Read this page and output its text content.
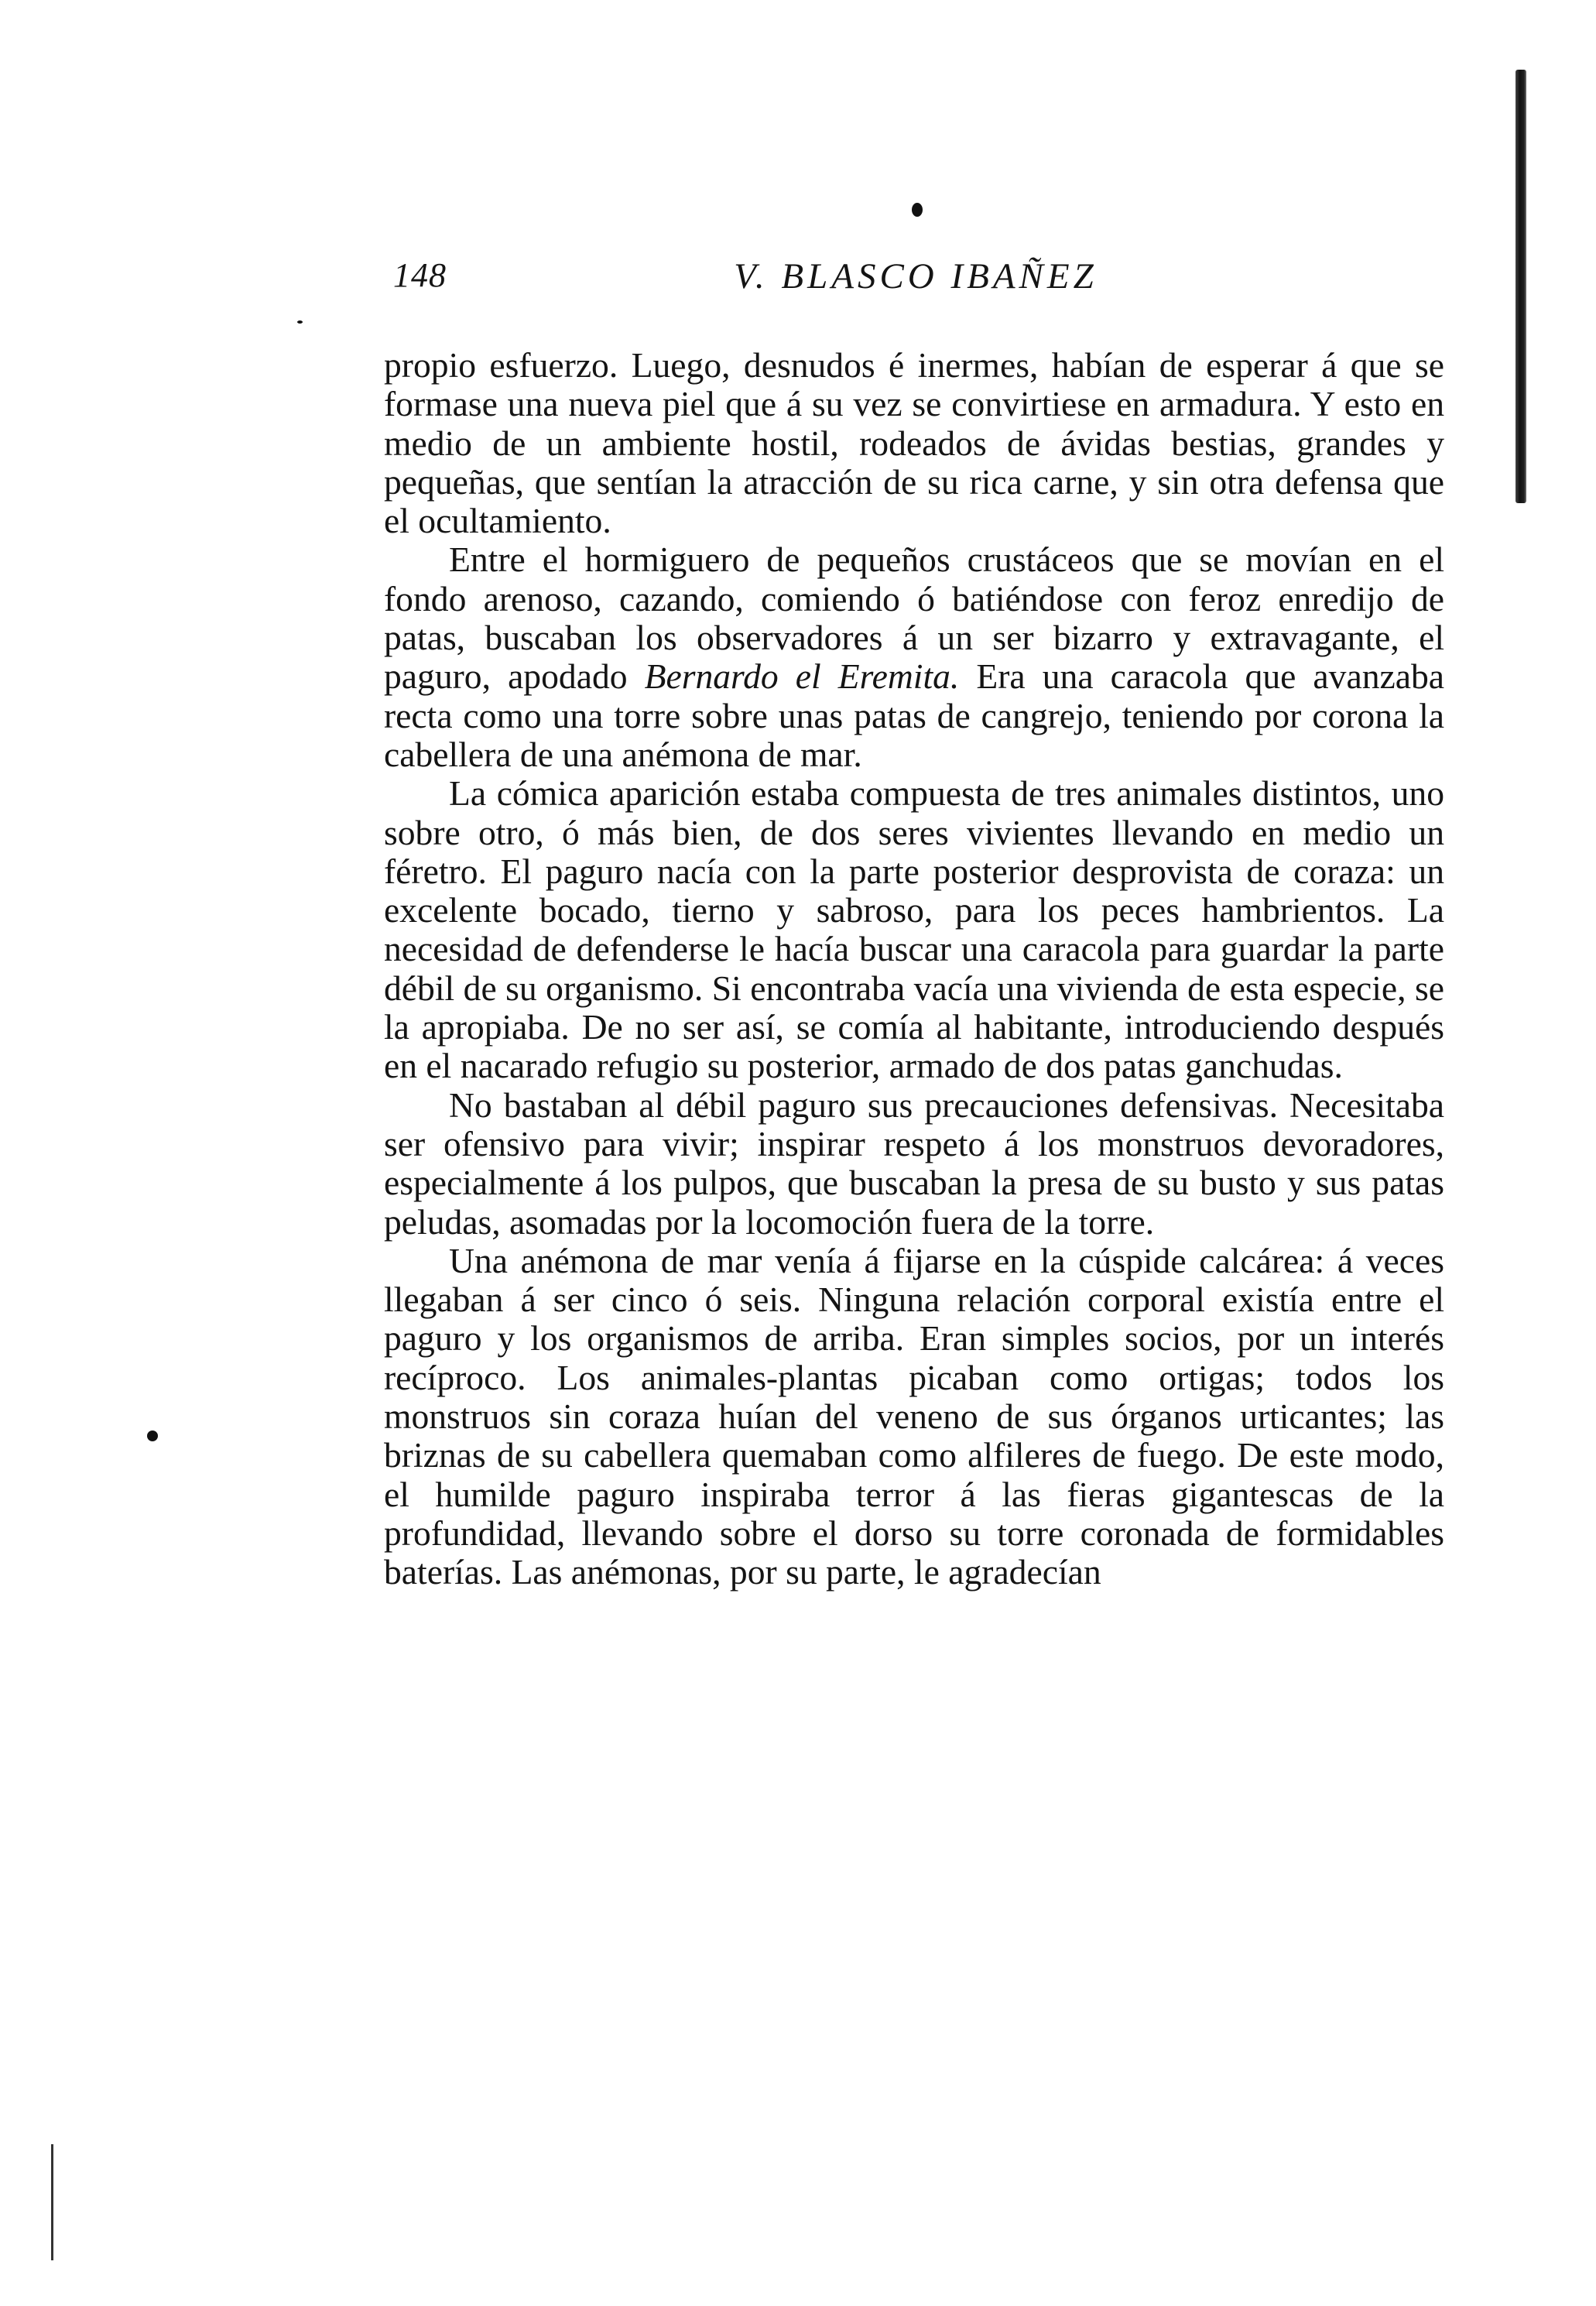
148	V. BLASCO IBAÑEZ

propio esfuerzo. Luego, desnudos é inermes, habían de esperar á que se formase una nueva piel que á su vez se convirtiese en armadura. Y esto en medio de un ambiente hostil, rodeados de ávidas bestias, grandes y pequeñas, que sentían la atracción de su rica carne, y sin otra defensa que el ocultamiento.

Entre el hormiguero de pequeños crustáceos que se movían en el fondo arenoso, cazando, comiendo ó batiéndose con feroz enredijo de patas, buscaban los observadores á un ser bizarro y extravagante, el paguro, apodado Bernardo el Eremita. Era una caracola que avanzaba recta como una torre sobre unas patas de cangrejo, teniendo por corona la cabellera de una anémona de mar.

La cómica aparición estaba compuesta de tres animales distintos, uno sobre otro, ó más bien, de dos seres vivientes llevando en medio un féretro. El paguro nacía con la parte posterior desprovista de coraza: un excelente bocado, tierno y sabroso, para los peces hambrientos. La necesidad de defenderse le hacía buscar una caracola para guardar la parte débil de su organismo. Si encontraba vacía una vivienda de esta especie, se la apropiaba. De no ser así, se comía al habitante, introduciendo después en el nacarado refugio su posterior, armado de dos patas ganchudas.

No bastaban al débil paguro sus precauciones defensivas. Necesitaba ser ofensivo para vivir; inspirar respeto á los monstruos devoradores, especialmente á los pulpos, que buscaban la presa de su busto y sus patas peludas, asomadas por la locomoción fuera de la torre.

Una anémona de mar venía á fijarse en la cúspide calcárea: á veces llegaban á ser cinco ó seis. Ninguna relación corporal existía entre el paguro y los organismos de arriba. Eran simples socios, por un interés recíproco. Los animales-plantas picaban como ortigas; todos los monstruos sin coraza huían del veneno de sus órganos urticantes; las briznas de su cabellera quemaban como alfileres de fuego. De este modo, el humilde paguro inspiraba terror á las fieras gigantescas de la profundidad, llevando sobre el dorso su torre coronada de formidables baterías. Las anémonas, por su parte, le agradecían
